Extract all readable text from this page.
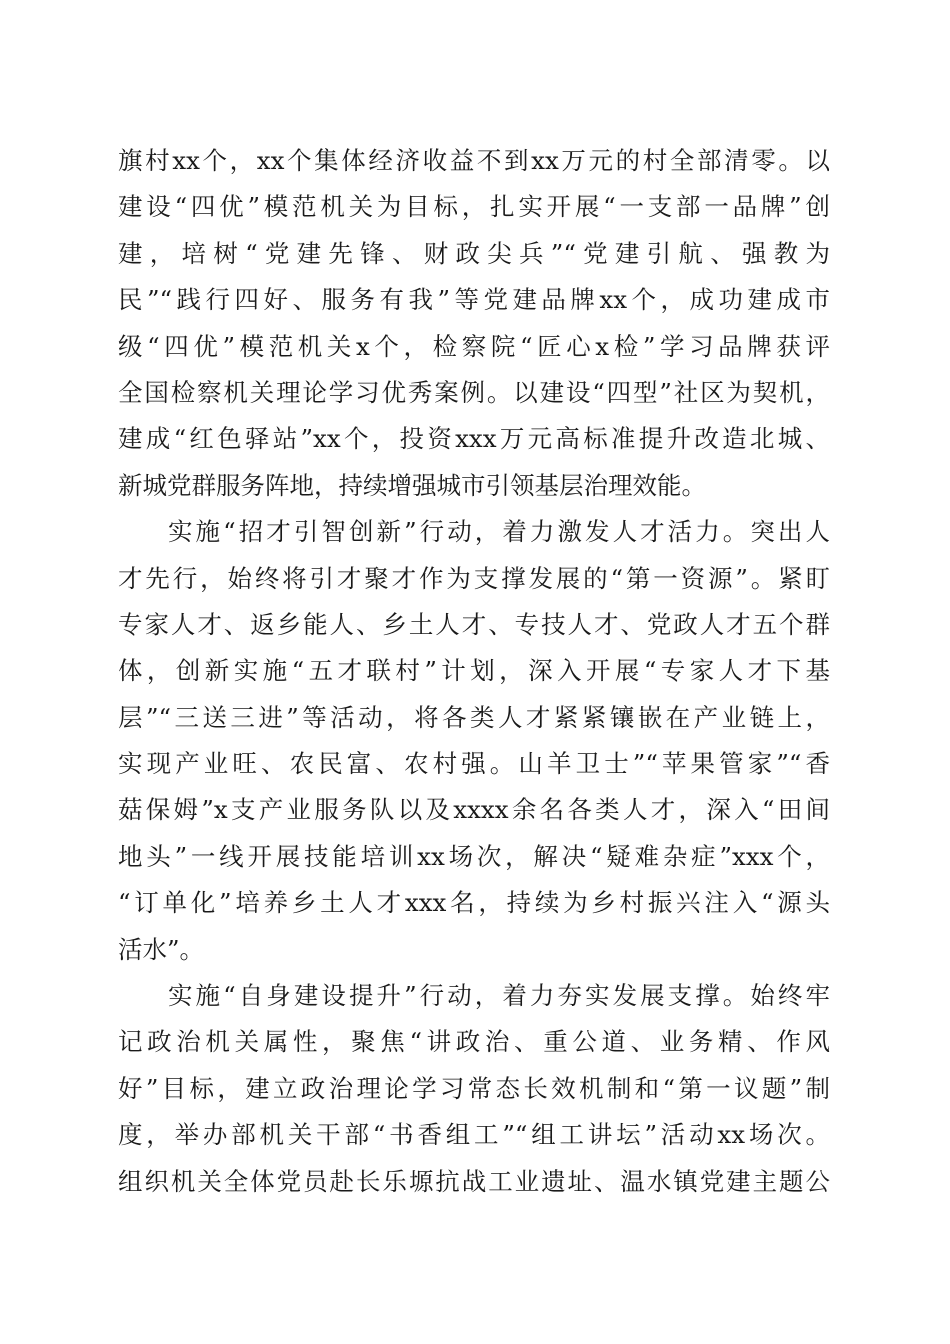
旗村xx个，xx个集体经济收益不到xx万元的村全部清零。以
建设“四优”模范机关为目标，扎实开展“一支部一品牌”创
建，培树“党建先锋、财政尖兵”“党建引航、强教为
民”“践行四好、服务有我”等党建品牌xx个，成功建成市
级“四优”模范机关x个，检察院“匠心x检”学习品牌获评
全国检察机关理论学习优秀案例。以建设“四型”社区为契机，
建成“红色驿站”xx个，投资xxx万元高标准提升改造北城、
新城党群服务阵地，持续增强城市引领基层治理效能。
实施“招才引智创新”行动，着力激发人才活力。突出人
才先行，始终将引才聚才作为支撑发展的“第一资源”。紧盯
专家人才、返乡能人、乡土人才、专技人才、党政人才五个群
体，创新实施“五才联村”计划，深入开展“专家人才下基
层”“三送三进”等活动，将各类人才紧紧镶嵌在产业链上，
实现产业旺、农民富、农村强。山羊卫士”“苹果管家”“香
菇保姆”x支产业服务队以及xxxx余名各类人才，深入“田间
地头”一线开展技能培训xx场次，解决“疑难杂症”xxx个，
“订单化”培养乡土人才xxx名，持续为乡村振兴注入“源头
活水”。
实施“自身建设提升”行动，着力夯实发展支撑。始终牢
记政治机关属性，聚焦“讲政治、重公道、业务精、作风
好”目标，建立政治理论学习常态长效机制和“第一议题”制
度，举办部机关干部“书香组工”“组工讲坛”活动xx场次。
组织机关全体党员赴长乐塬抗战工业遗址、温水镇党建主题公
